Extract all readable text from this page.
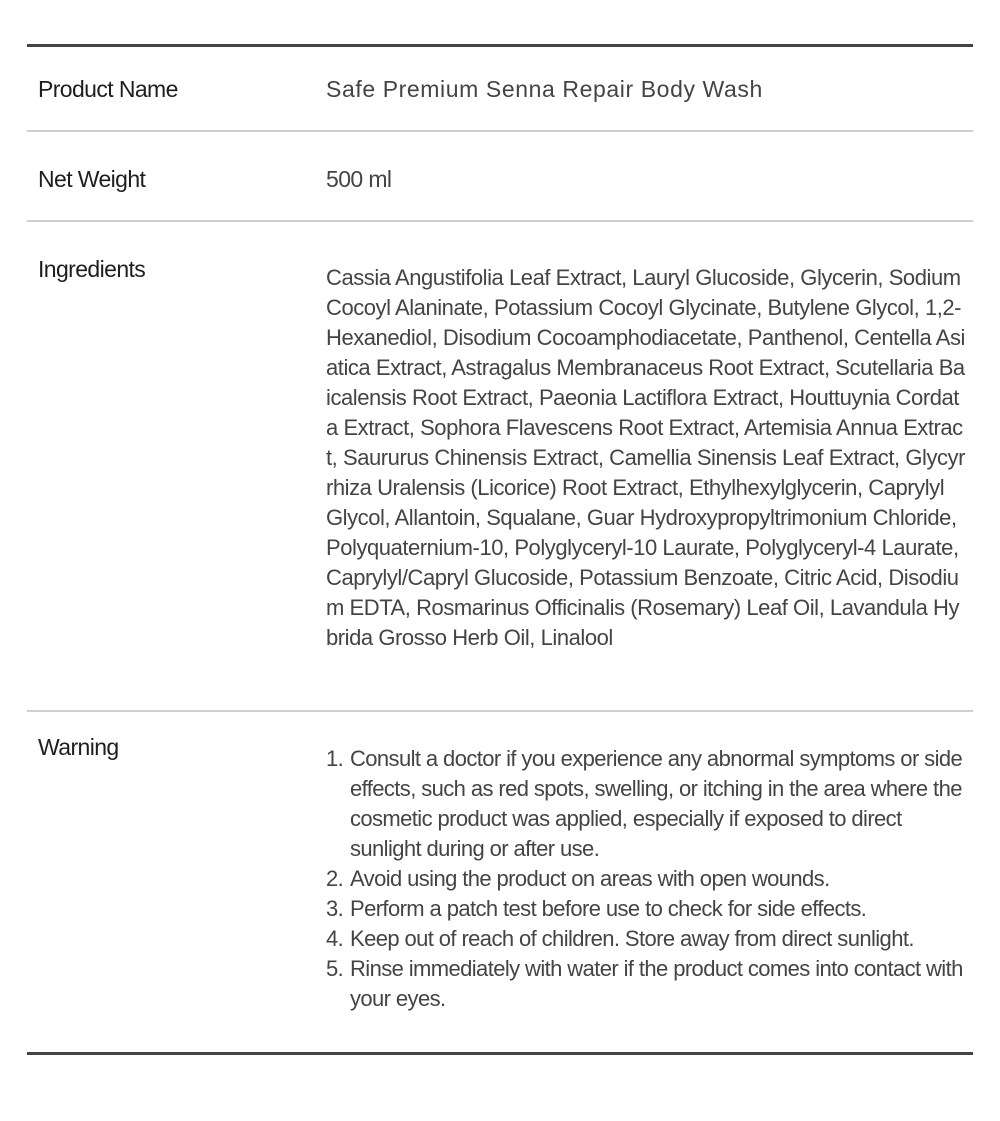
Product Name	Safe Premium Senna Repair Body Wash
Net Weight	500 ml
Ingredients	Cassia Angustifolia Leaf Extract, Lauryl Glucoside, Glycerin, Sodium Cocoyl Alaninate, Potassium Cocoyl Glycinate, Butylene Glycol, 1,2-Hexanediol, Disodium Cocoamphodiacetate, Panthenol, Centella Asiatica Extract, Astragalus Membranaceus Root Extract, Scutellaria Baicalensis Root Extract, Paeonia Lactiflora Extract, Houttuynia Cordata Extract, Sophora Flavescens Root Extract, Artemisia Annua Extract, Saururus Chinensis Extract, Camellia Sinensis Leaf Extract, Glycyrrhiza Uralensis (Licorice) Root Extract, Ethylhexylglycerin, Caprylyl Glycol, Allantoin, Squalane, Guar Hydroxypropyltrimonium Chloride, Polyquaternium-10, Polyglyceryl-10 Laurate, Polyglyceryl-4 Laurate, Caprylyl/Capryl Glucoside, Potassium Benzoate, Citric Acid, Disodium EDTA, Rosmarinus Officinalis (Rosemary) Leaf Oil, Lavandula Hybrida Grosso Herb Oil, Linalool
Warning	1. Consult a doctor if you experience any abnormal symptoms or side effects, such as red spots, swelling, or itching in the area where the cosmetic product was applied, especially if exposed to direct sunlight during or after use.
2. Avoid using the product on areas with open wounds.
3. Perform a patch test before use to check for side effects.
4. Keep out of reach of children. Store away from direct sunlight.
5. Rinse immediately with water if the product comes into contact with your eyes.
